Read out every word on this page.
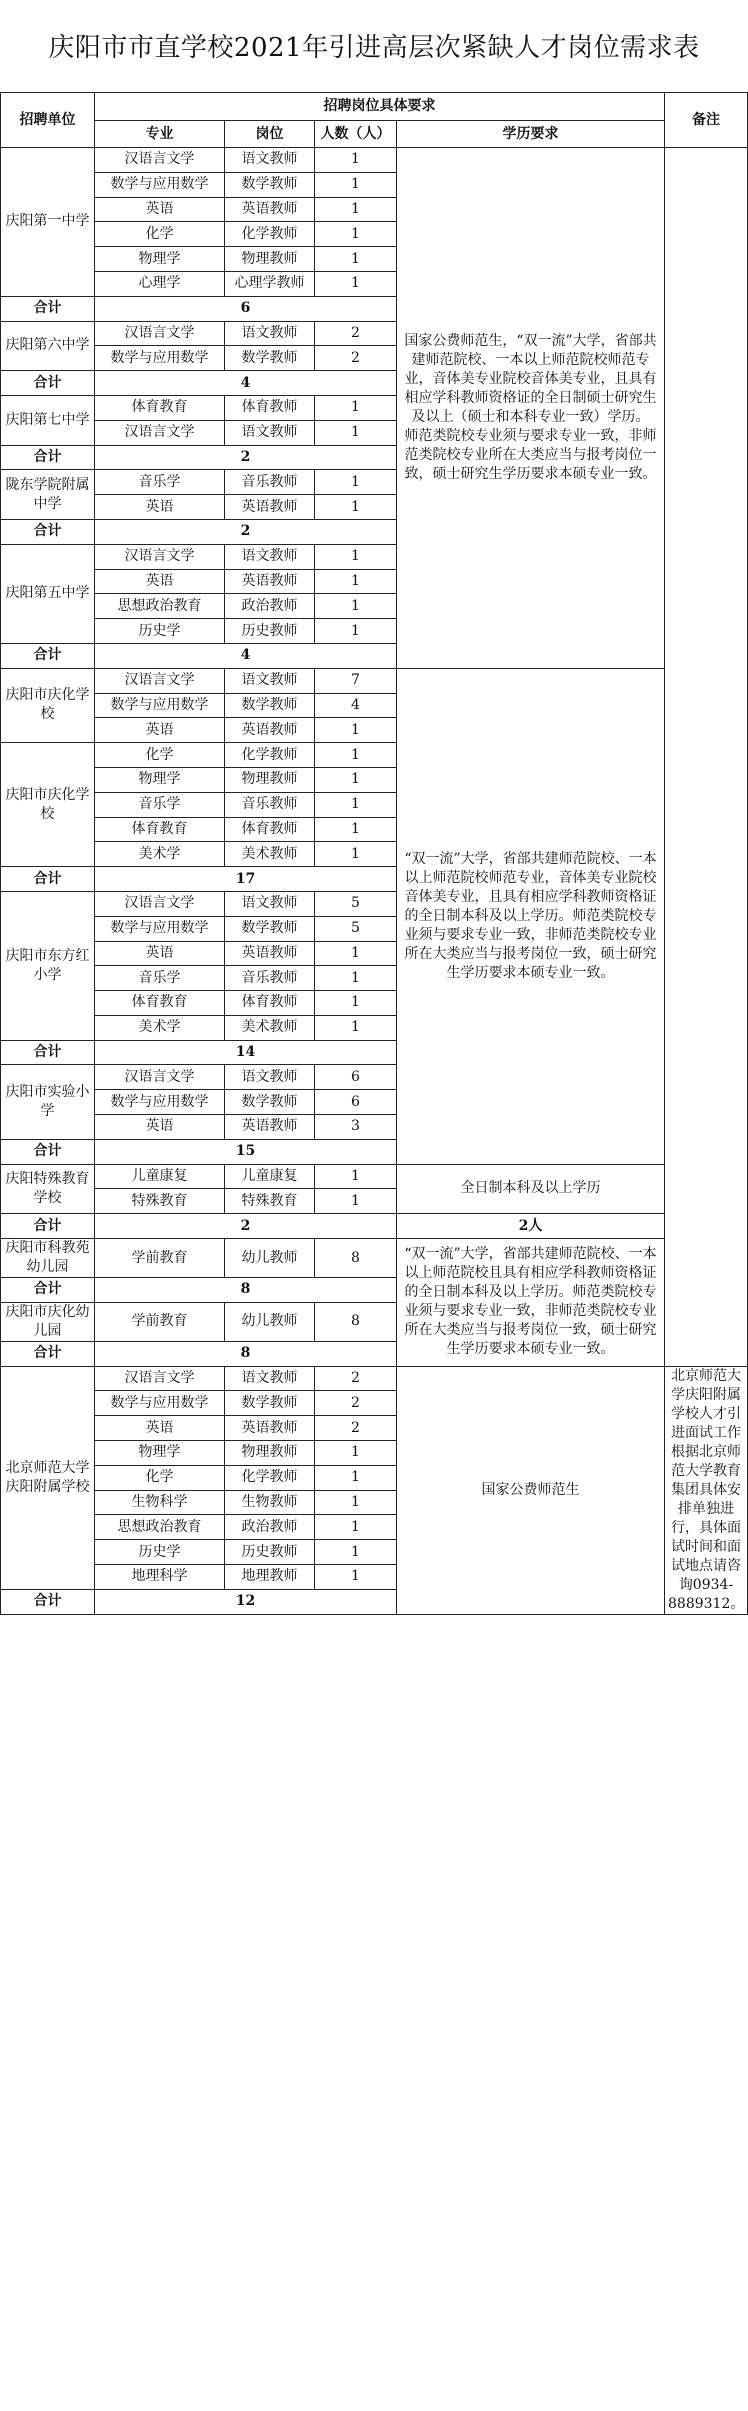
庆阳市市直学校2021年引进高层次紧缺人才岗位需求表
招聘单位	招聘岗位具体要求				备注
	专业	岗位	人数（人）	学历要求	
庆阳第一中学	汉语言文学	语文教师	1	国家公费师范生，“双一流”大学，省部共建师范院校、一本以上师范院校师范专业，音体美专业院校音体美专业，且具有相应学科教师资格证的全日制硕士研究生及以上（硕士和本科专业一致）学历。
师范类院校专业须与要求专业一致，非师范类院校专业所在大类应当与报考岗位一致，硕士研究生学历要求本硕专业一致。	
	数学与应用数学	数学教师	1		
	英语	英语教师	1		
	化学	化学教师	1		
	物理学	物理教师	1		
	心理学	心理学教师	1		
合计	6				
庆阳第六中学	汉语言文学	语文教师	2		
	数学与应用数学	数学教师	2		
合计	4				
庆阳第七中学	体育教育	体育教师	1		
	汉语言文学	语文教师	1		
合计	2				
陇东学院附属中学	音乐学	音乐教师	1		
	英语	英语教师	1		
合计	2				
庆阳第五中学	汉语言文学	语文教师	1		
	英语	英语教师	1		
	思想政治教育	政治教师	1		
	历史学	历史教师	1		
合计	4				
庆阳市庆化学校	汉语言文学	语文教师	7	“双一流”大学，省部共建师范院校、一本以上师范院校师范专业，音体美专业院校音体美专业，且具有相应学科教师资格证的全日制本科及以上学历。师范类院校专业须与要求专业一致，非师范类院校专业所在大类应当与报考岗位一致，硕士研究生学历要求本硕专业一致。	
	数学与应用数学	数学教师	4		
	英语	英语教师	1		
庆阳市庆化学校	化学	化学教师	1		
	物理学	物理教师	1		
	音乐学	音乐教师	1		
	体育教育	体育教师	1		
	美术学	美术教师	1		
合计	17				
庆阳市东方红小学	汉语言文学	语文教师	5		
	数学与应用数学	数学教师	5		
	英语	英语教师	1		
	音乐学	音乐教师	1		
	体育教育	体育教师	1		
	美术学	美术教师	1		
合计	14				
庆阳市实验小学	汉语言文学	语文教师	6		
	数学与应用数学	数学教师	6		
	英语	英语教师	3		
合计	15				
庆阳特殊教育学校	儿童康复	儿童康复	1	全日制本科及以上学历	
	特殊教育	特殊教育	1		
合计	2			2人	
庆阳市科教苑幼儿园	学前教育	幼儿教师	8	“双一流”大学，省部共建师范院校、一本以上师范院校且具有相应学科教师资格证的全日制本科及以上学历。师范类院校专业须与要求专业一致，非师范类院校专业所在大类应当与报考岗位一致，硕士研究生学历要求本硕专业一致。	
合计	8				
庆阳市庆化幼儿园	学前教育	幼儿教师	8		
合计	8				
北京师范大学庆阳附属学校	汉语言文学	语文教师	2	国家公费师范生	北京师范大学庆阳附属学校人才引进面试工作根据北京师范大学教育集团具体安排单独进行，具体面试时间和面试地点请咨询0934-8889312。
	数学与应用数学	数学教师	2		
	英语	英语教师	2		
	物理学	物理教师	1		
	化学	化学教师	1		
	生物科学	生物教师	1		
	思想政治教育	政治教师	1		
	历史学	历史教师	1		
	地理科学	地理教师	1		
合计	12				
